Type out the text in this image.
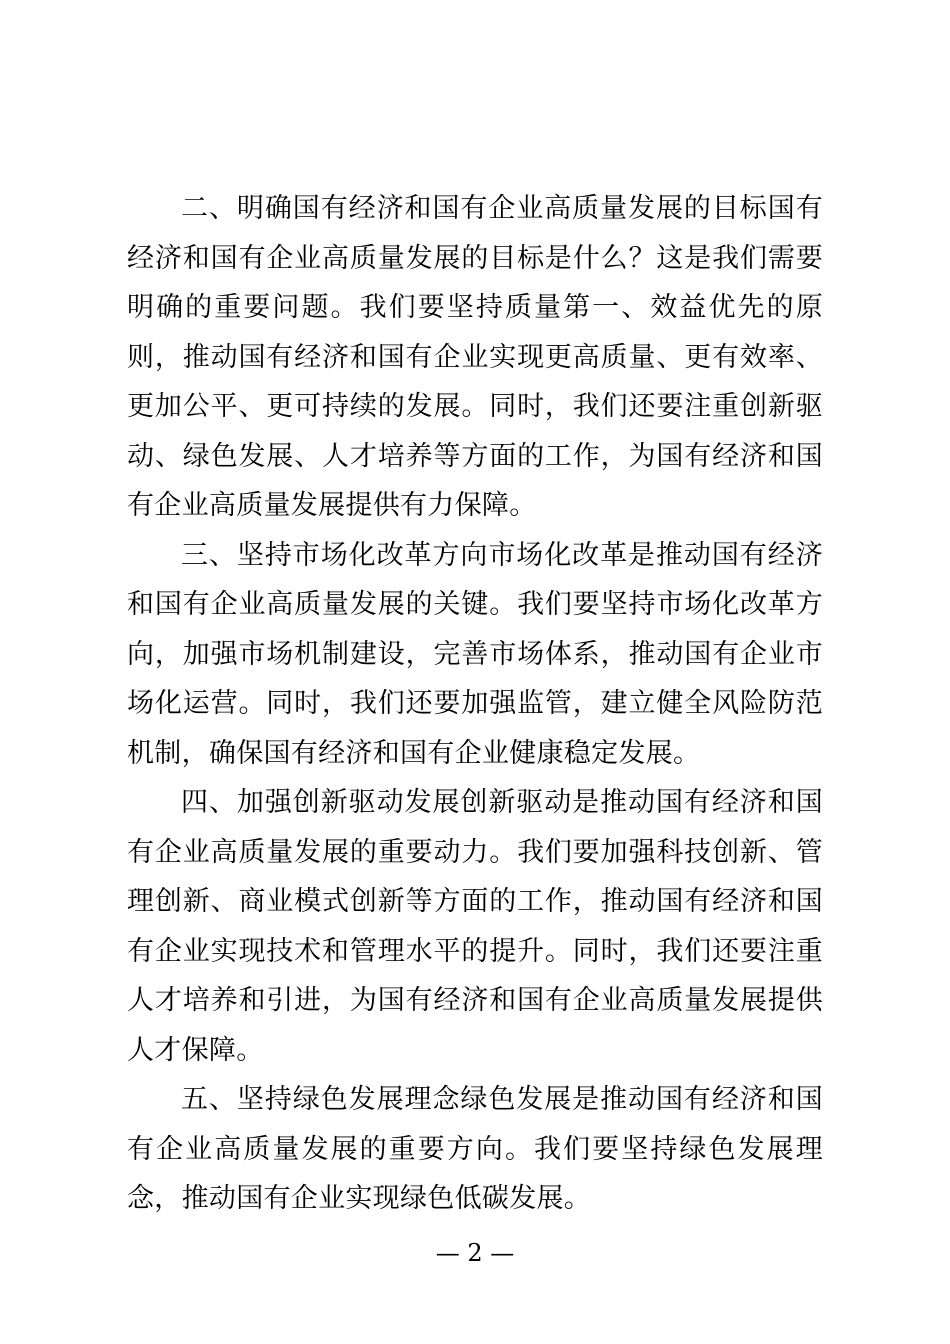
二、明确国有经济和国有企业高质量发展的目标国有经济和国有企业高质量发展的目标是什么？这是我们需要明确的重要问题。我们要坚持质量第一、效益优先的原则，推动国有经济和国有企业实现更高质量、更有效率、更加公平、更可持续的发展。同时，我们还要注重创新驱动、绿色发展、人才培养等方面的工作，为国有经济和国有企业高质量发展提供有力保障。

三、坚持市场化改革方向市场化改革是推动国有经济和国有企业高质量发展的关键。我们要坚持市场化改革方向，加强市场机制建设，完善市场体系，推动国有企业市场化运营。同时，我们还要加强监管，建立健全风险防范机制，确保国有经济和国有企业健康稳定发展。

四、加强创新驱动发展创新驱动是推动国有经济和国有企业高质量发展的重要动力。我们要加强科技创新、管理创新、商业模式创新等方面的工作，推动国有经济和国有企业实现技术和管理水平的提升。同时，我们还要注重人才培养和引进，为国有经济和国有企业高质量发展提供人才保障。

五、坚持绿色发展理念绿色发展是推动国有经济和国有企业高质量发展的重要方向。我们要坚持绿色发展理念，推动国有企业实现绿色低碳发展。

— 2 —
